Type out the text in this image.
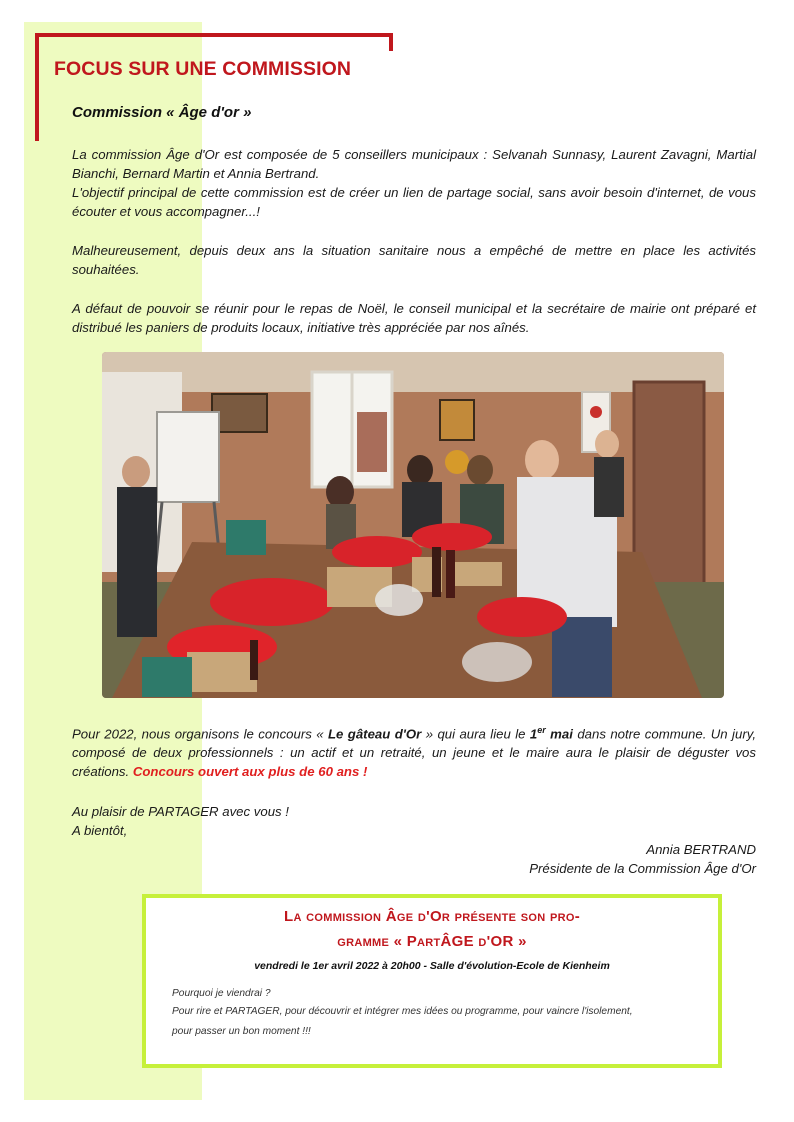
FOCUS SUR UNE COMMISSION
Commission « Âge d'or »
La commission Âge d'Or est composée de 5 conseillers municipaux : Selvanah Sunnasy, Laurent Zavagni, Martial Bianchi, Bernard Martin et Annia Bertrand.
L'objectif principal de cette commission est de créer un lien de partage social, sans avoir besoin d'internet, de vous écouter et vous accompagner...!
Malheureusement, depuis deux ans la situation sanitaire nous a empêché de mettre en place les activités souhaitées.
A défaut de pouvoir se réunir pour le repas de Noël, le conseil municipal et la secrétaire de mairie ont préparé et distribué les paniers de produits locaux, initiative très appréciée par nos aînés.
Pour 2022, nous organisons le concours « Le gâteau d'Or » qui aura lieu le 1er mai dans notre commune. Un jury, composé de deux professionnels : un actif et un retraité, un jeune et le maire aura le plaisir de déguster vos créations. Concours ouvert aux plus de 60 ans !
Au plaisir de PARTAGER avec vous !
A bientôt,
Annia BERTRAND
Présidente de la Commission Âge d'Or
La commission Âge d'Or présente son pro-
gramme « PartÂGE d'OR »
vendredi le 1er avril 2022 à 20h00 - Salle d'évolution-Ecole de Kienheim
Pourquoi je viendrai ?
Pour rire et PARTAGER, pour découvrir et intégrer mes idées ou programme, pour vaincre l'isolement,
pour passer un bon moment !!!
